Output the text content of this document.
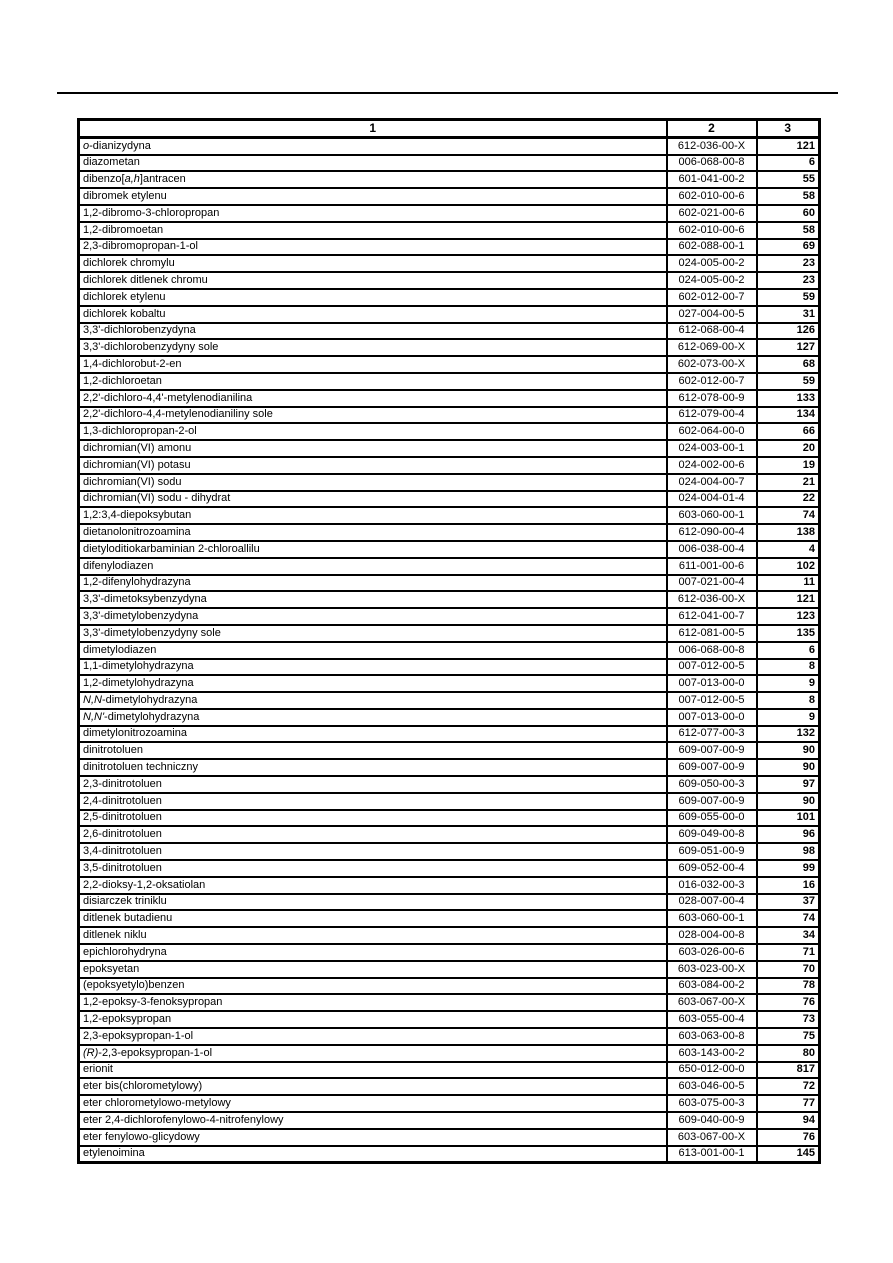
1	2	3
o-dianizydyna	612-036-00-X	121
diazometan	006-068-00-8	6
dibenzo[a,h]antracen	601-041-00-2	55
dibromek etylenu	602-010-00-6	58
1,2-dibromo-3-chloropropan	602-021-00-6	60
1,2-dibromoetan	602-010-00-6	58
2,3-dibromopropan-1-ol	602-088-00-1	69
dichlorek chromylu	024-005-00-2	23
dichlorek ditlenek chromu	024-005-00-2	23
dichlorek etylenu	602-012-00-7	59
dichlorek kobaltu	027-004-00-5	31
3,3'-dichlorobenzydyna	612-068-00-4	126
3,3'-dichlorobenzydyny sole	612-069-00-X	127
1,4-dichlorobut-2-en	602-073-00-X	68
1,2-dichloroetan	602-012-00-7	59
2,2'-dichloro-4,4'-metylenodianilina	612-078-00-9	133
2,2'-dichloro-4,4-metylenodianiliny sole	612-079-00-4	134
1,3-dichloropropan-2-ol	602-064-00-0	66
dichromian(VI) amonu	024-003-00-1	20
dichromian(VI) potasu	024-002-00-6	19
dichromian(VI) sodu	024-004-00-7	21
dichromian(VI) sodu - dihydrat	024-004-01-4	22
1,2:3,4-diepoksybutan	603-060-00-1	74
dietanolonitrozoamina	612-090-00-4	138
dietyloditiokarbaminian 2-chloroallilu	006-038-00-4	4
difenylodiazen	611-001-00-6	102
1,2-difenylohydrazyna	007-021-00-4	11
3,3'-dimetoksybenzydyna	612-036-00-X	121
3,3'-dimetylobenzydyna	612-041-00-7	123
3,3'-dimetylobenzydyny sole	612-081-00-5	135
dimetylodiazen	006-068-00-8	6
1,1-dimetylohydrazyna	007-012-00-5	8
1,2-dimetylohydrazyna	007-013-00-0	9
N,N-dimetylohydrazyna	007-012-00-5	8
N,N'-dimetylohydrazyna	007-013-00-0	9
dimetylonitrozoamina	612-077-00-3	132
dinitrotoluen	609-007-00-9	90
dinitrotoluen techniczny	609-007-00-9	90
2,3-dinitrotoluen	609-050-00-3	97
2,4-dinitrotoluen	609-007-00-9	90
2,5-dinitrotoluen	609-055-00-0	101
2,6-dinitrotoluen	609-049-00-8	96
3,4-dinitrotoluen	609-051-00-9	98
3,5-dinitrotoluen	609-052-00-4	99
2,2-dioksy-1,2-oksatiolan	016-032-00-3	16
disiarczek triniklu	028-007-00-4	37
ditlenek butadienu	603-060-00-1	74
ditlenek niklu	028-004-00-8	34
epichlorohydryna	603-026-00-6	71
epoksyetan	603-023-00-X	70
(epoksyetylo)benzen	603-084-00-2	78
1,2-epoksy-3-fenoksypropan	603-067-00-X	76
1,2-epoksypropan	603-055-00-4	73
2,3-epoksypropan-1-ol	603-063-00-8	75
(R)-2,3-epoksypropan-1-ol	603-143-00-2	80
erionit	650-012-00-0	817
eter bis(chlorometylowy)	603-046-00-5	72
eter chlorometylowo-metylowy	603-075-00-3	77
eter 2,4-dichlorofenylowo-4-nitrofenylowy	609-040-00-9	94
eter fenylowo-glicydowy	603-067-00-X	76
etylenoimina	613-001-00-1	145
